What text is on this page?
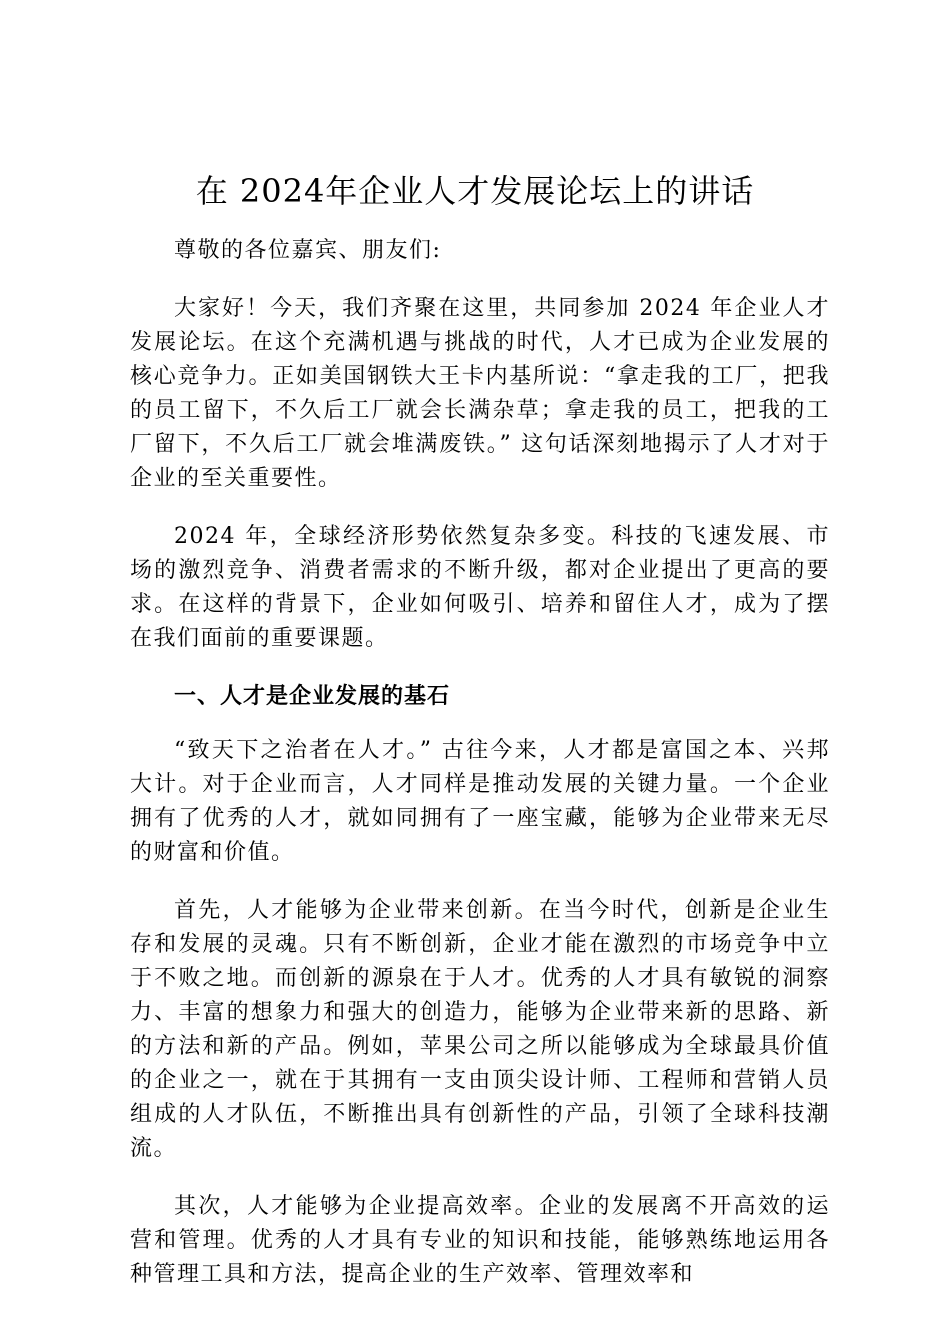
在 2024年企业人才发展论坛上的讲话

尊敬的各位嘉宾、朋友们:

大家好！今天，我们齐聚在这里，共同参加 2024 年企业人才发展论坛。在这个充满机遇与挑战的时代，人才已成为企业发展的核心竞争力。正如美国钢铁大王卡内基所说：“拿走我的工厂，把我的员工留下，不久后工厂就会长满杂草；拿走我的员工，把我的工厂留下，不久后工厂就会堆满废铁。” 这句话深刻地揭示了人才对于企业的至关重要性。

2024 年，全球经济形势依然复杂多变。科技的飞速发展、市场的激烈竞争、消费者需求的不断升级，都对企业提出了更高的要求。在这样的背景下，企业如何吸引、培养和留住人才，成为了摆在我们面前的重要课题。

一、人才是企业发展的基石

“致天下之治者在人才。” 古往今来，人才都是富国之本、兴邦大计。对于企业而言，人才同样是推动发展的关键力量。一个企业拥有了优秀的人才，就如同拥有了一座宝藏，能够为企业带来无尽的财富和价值。

首先，人才能够为企业带来创新。在当今时代，创新是企业生存和发展的灵魂。只有不断创新，企业才能在激烈的市场竞争中立于不败之地。而创新的源泉在于人才。优秀的人才具有敏锐的洞察力、丰富的想象力和强大的创造力，能够为企业带来新的思路、新的方法和新的产品。例如，苹果公司之所以能够成为全球最具价值的企业之一，就在于其拥有一支由顶尖设计师、工程师和营销人员组成的人才队伍，不断推出具有创新性的产品，引领了全球科技潮流。

其次，人才能够为企业提高效率。企业的发展离不开高效的运营和管理。优秀的人才具有专业的知识和技能，能够熟练地运用各种管理工具和方法，提高企业的生产效率、管理效率和
